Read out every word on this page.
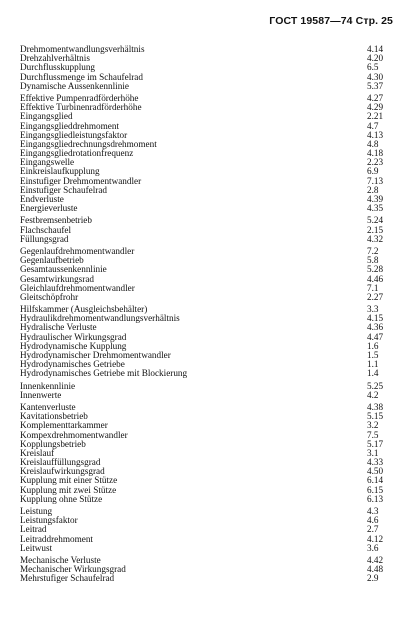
ГОСТ 19587—74 Стр. 25
Drehmomentwandlungsverhältnis	4.14
Drehzahlverhältnis	4.20
Durchflusskupplung	6.5
Durchflussmenge im Schaufelrad	4.30
Dynamische Aussenkennlinie	5.37
Effektive Pumpenradförderhöhe	4.27
Effektive Turbinenradförderhöhe	4.29
Eingangsglied	2.21
Eingangsglieddrehmoment	4.7
Eingangsgliedleistungsfaktor	4.13
Eingangsgliedrechnungsdrehmoment	4.8
Eingangsgliedrotationfrequenz	4.18
Eingangswelle	2.23
Einkreislaufkupplung	6.9
Einstufiger Drehmomentwandler	7.13
Einstufiger Schaufelrad	2.8
Endverluste	4.39
Energieverluste	4.35
Festbremsenbetrieb	5.24
Flachschaufel	2.15
Füllungsgrad	4.32
Gegenlaufdrehmomentwandler	7.2
Gegenlaufbetrieb	5.8
Gesamtaussenkennlinie	5.28
Gesamtwirkungsrad	4.46
Gleichlaufdrehmomentwandler	7.1
Gleitschöpfrohr	2.27
Hilfskammer (Ausgleichsbehälter)	3.3
Hydraulikdrehmomentwandlungsverhältnis	4.15
Hydralische Verluste	4.36
Hydraulischer Wirkungsgrad	4.47
Hydrodynamische Kupplung	1.6
Hydrodynamischer Drehmomentwandler	1.5
Hydrodynamisches Getriebe	1.1
Hydrodynamisches Getriebe mit Blockierung	1.4
Innenkennlinie	5.25
Innenwerte	4.2
Kantenverluste	4.38
Kavitationsbetrieb	5.15
Komplementtarkammer	3.2
Kompexdrehmomentwandler	7.5
Kopplungsbetrieb	5.17
Kreislauf	3.1
Kreislauffüllungsgrad	4.33
Kreislaufwirkungsgrad	4.50
Kupplung mit einer Stütze	6.14
Kupplung mit zwei Stütze	6.15
Kupplung ohne Stütze	6.13
Leistung	4.3
Leistungsfaktor	4.6
Leitrad	2.7
Leitraddrehmoment	4.12
Leitwust	3.6
Mechanische Verluste	4.42
Mechanischer Wirkungsgrad	4.48
Mehrstufiger Schaufelrad	2.9
